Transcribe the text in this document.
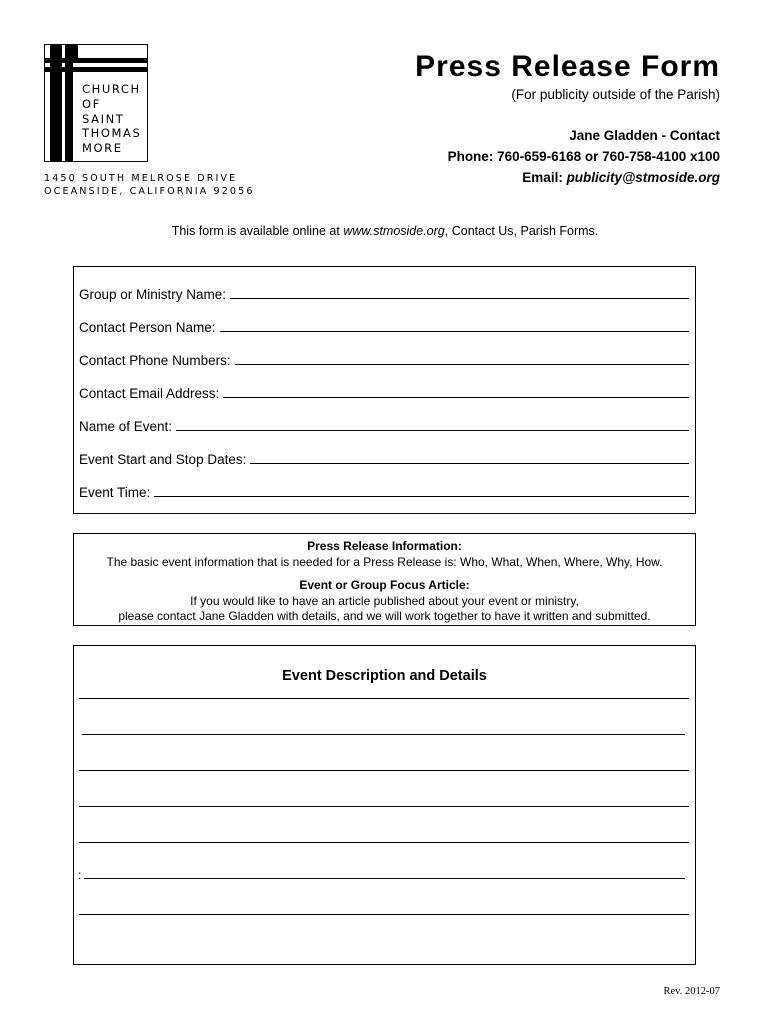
CHURCH
OF
SAINT
THOMAS
MORE
1450 SOUTH MELROSE DRIVE
OCEANSIDE, CALIFORNIA 92056
Press Release Form
(For publicity outside of the Parish)
Jane Gladden - Contact
Phone: 760-659-6168 or 760-758-4100 x100
Email: publicity@stmoside.org
This form is available online at www.stmoside.org, Contact Us, Parish Forms.
Group or Ministry Name:
Contact Person Name:
Contact Phone Numbers:
Contact Email Address:
Name of Event:
Event Start and Stop Dates:
Event Time:
Press Release Information:
The basic event information that is needed for a Press Release is: Who, What, When, Where, Why, How.
Event or Group Focus Article:
If you would like to have an article published about your event or ministry,
please contact Jane Gladden with details, and we will work together to have it written and submitted.
Event Description and Details
:
Rev. 2012-07
